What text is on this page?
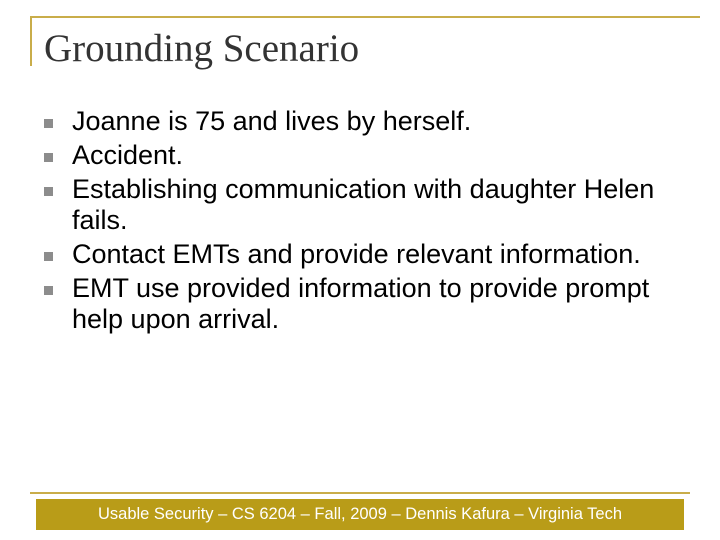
Grounding Scenario
Joanne is 75 and lives by herself.
Accident.
Establishing communication with daughter Helen fails.
Contact EMTs and provide relevant information.
EMT use provided information to provide prompt help upon arrival.
Usable Security – CS 6204 – Fall, 2009 – Dennis Kafura – Virginia Tech
